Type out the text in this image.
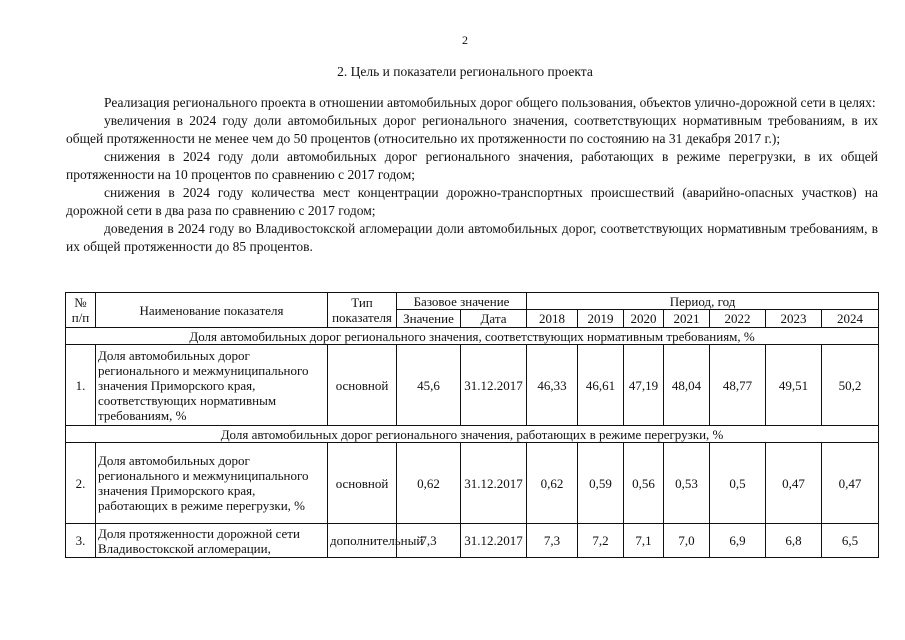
2
2. Цель и показатели регионального проекта

Реализация регионального проекта в отношении автомобильных дорог общего пользования, объектов улично-дорожной сети в целях:

увеличения в 2024 году доли автомобильных дорог регионального значения, соответствующих нормативным требованиям, в их общей протяженности не менее чем до 50 процентов (относительно их протяженности по состоянию на 31 декабря 2017 г.);

снижения в 2024 году доли автомобильных дорог регионального значения, работающих в режиме перегрузки, в их общей протяженности на 10 процентов по сравнению с 2017 годом;

снижения в 2024 году количества мест концентрации дорожно-транспортных происшествий (аварийно-опасных участков) на дорожной сети в два раза по сравнению с 2017 годом;

доведения в 2024 году во Владивостокской агломерации доли автомобильных дорог, соответствующих нормативным требованиям, в их общей протяженности до 85 процентов.

№ п/п	Наименование показателя	Тип показателя	Базовое значение		Период, год						
			Значение	Дата	2018	2019	2020	2021	2022	2023	2024
Доля автомобильных дорог регионального значения, соответствующих нормативным требованиям, %											
1.	Доля автомобильных дорог регионального и межмуниципального значения Приморского края, соответствующих нормативным требованиям, %	основной	45,6	31.12.2017	46,33	46,61	47,19	48,04	48,77	49,51	50,2
Доля автомобильных дорог регионального значения, работающих в режиме перегрузки, %											
2.	Доля автомобильных дорог регионального и межмуниципального значения Приморского края, работающих в режиме перегрузки, %	основной	0,62	31.12.2017	0,62	0,59	0,56	0,53	0,5	0,47	0,47
3.	Доля протяженности дорожной сети Владивостокской агломерации,	дополнительный	7,3	31.12.2017	7,3	7,2	7,1	7,0	6,9	6,8	6,5
